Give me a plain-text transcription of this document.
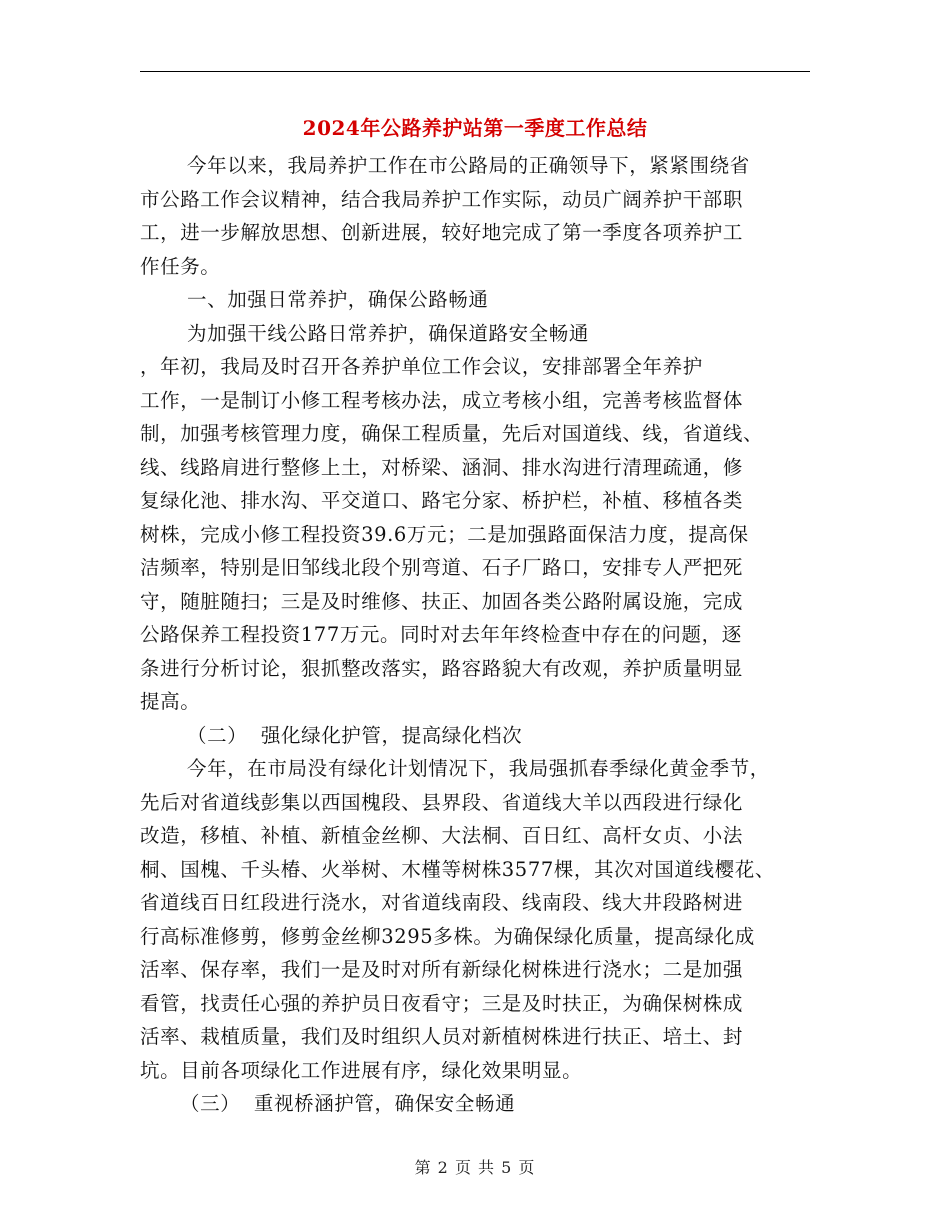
2024年公路养护站第一季度工作总结
今年以来，我局养护工作在市公路局的正确领导下，紧紧围绕省
市公路工作会议精神，结合我局养护工作实际，动员广阔养护干部职
工，进一步解放思想、创新进展，较好地完成了第一季度各项养护工
作任务。
一、加强日常养护，确保公路畅通
为加强干线公路日常养护，确保道路安全畅通
，年初，我局及时召开各养护单位工作会议，安排部署全年养护
工作，一是制订小修工程考核办法，成立考核小组，完善考核监督体
制，加强考核管理力度，确保工程质量，先后对国道线、线，省道线、
线、线路肩进行整修上土，对桥梁、涵洞、排水沟进行清理疏通，修
复绿化池、排水沟、平交道口、路宅分家、桥护栏，补植、移植各类
树株，完成小修工程投资39.6万元；二是加强路面保洁力度，提高保
洁频率，特别是旧邹线北段个别弯道、石子厂路口，安排专人严把死
守，随脏随扫；三是及时维修、扶正、加固各类公路附属设施，完成
公路保养工程投资177万元。同时对去年年终检查中存在的问题，逐
条进行分析讨论，狠抓整改落实，路容路貌大有改观，养护质量明显
提高。
（二）  强化绿化护管，提高绿化档次
今年，在市局没有绿化计划情况下，我局强抓春季绿化黄金季节，
先后对省道线彭集以西国槐段、县界段、省道线大羊以西段进行绿化
改造，移植、补植、新植金丝柳、大法桐、百日红、高杆女贞、小法
桐、国槐、千头椿、火举树、木槿等树株3577棵，其次对国道线樱花、
省道线百日红段进行浇水，对省道线南段、线南段、线大井段路树进
行高标准修剪，修剪金丝柳3295多株。为确保绿化质量，提高绿化成
活率、保存率，我们一是及时对所有新绿化树株进行浇水；二是加强
看管，找责任心强的养护员日夜看守；三是及时扶正，为确保树株成
活率、栽植质量，我们及时组织人员对新植树株进行扶正、培土、封
坑。目前各项绿化工作进展有序，绿化效果明显。
（三）  重视桥涵护管，确保安全畅通
第 2 页 共 5 页
